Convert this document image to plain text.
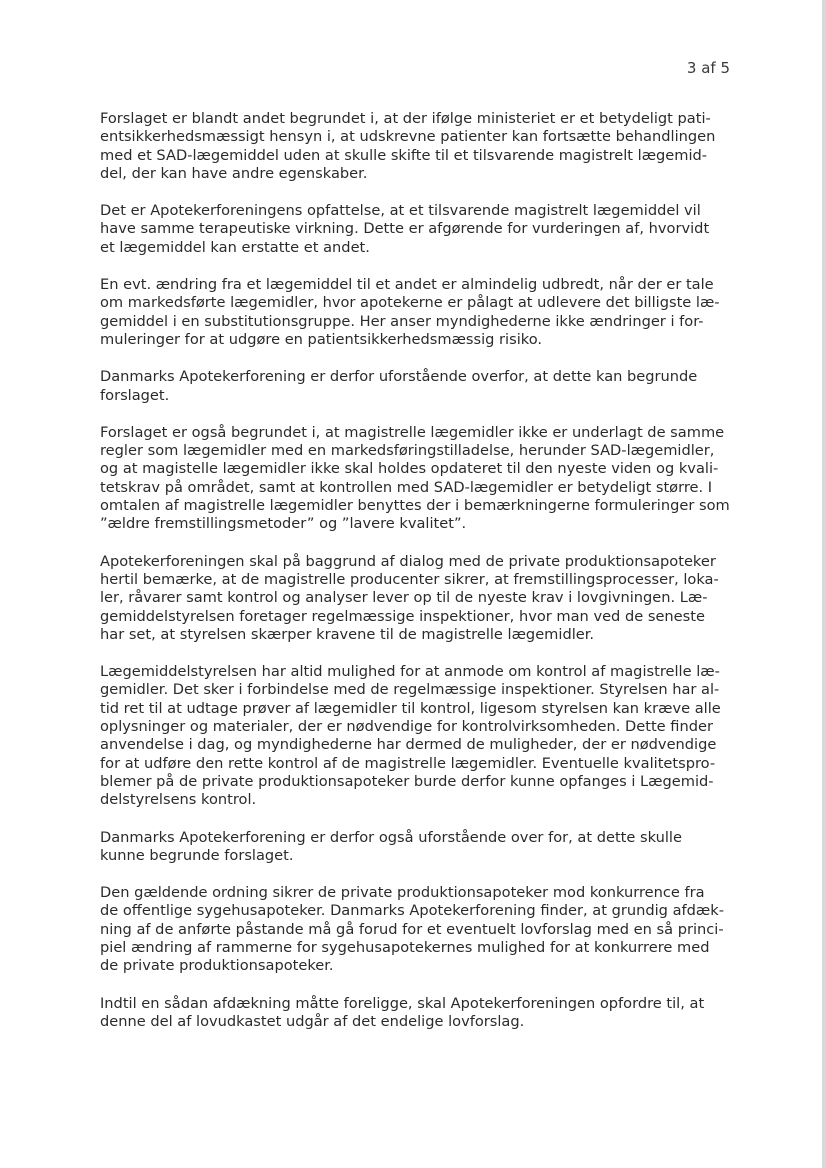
3 af 5

Forslaget er blandt andet begrundet i, at der ifølge ministeriet er et betydeligt pati-
entsikkerhedsmæssigt hensyn i, at udskrevne patienter kan fortsætte behandlingen
med et SAD-lægemiddel uden at skulle skifte til et tilsvarende magistrelt lægemid-
del, der kan have andre egenskaber.

Det er Apotekerforeningens opfattelse, at et tilsvarende magistrelt lægemiddel vil
have samme terapeutiske virkning. Dette er afgørende for vurderingen af, hvorvidt
et lægemiddel kan erstatte et andet.

En evt. ændring fra et lægemiddel til et andet er almindelig udbredt, når der er tale
om markedsførte lægemidler, hvor apotekerne er pålagt at udlevere det billigste læ-
gemiddel i en substitutionsgruppe. Her anser myndighederne ikke ændringer i for-
muleringer for at udgøre en patientsikkerhedsmæssig risiko.

Danmarks Apotekerforening er derfor uforstående overfor, at dette kan begrunde
forslaget.

Forslaget er også begrundet i, at magistrelle lægemidler ikke er underlagt de samme
regler som lægemidler med en markedsføringstilladelse, herunder SAD-lægemidler,
og at magistelle lægemidler ikke skal holdes opdateret til den nyeste viden og kvali-
tetskrav på området, samt at kontrollen med SAD-lægemidler er betydeligt større. I
omtalen af magistrelle lægemidler benyttes der i bemærkningerne formuleringer som
”ældre fremstillingsmetoder” og ”lavere kvalitet”.

Apotekerforeningen skal på baggrund af dialog med de private produktionsapoteker
hertil bemærke, at de magistrelle producenter sikrer, at fremstillingsprocesser, loka-
ler, råvarer samt kontrol og analyser lever op til de nyeste krav i lovgivningen. Læ-
gemiddelstyrelsen foretager regelmæssige inspektioner, hvor man ved de seneste
har set, at styrelsen skærper kravene til de magistrelle lægemidler.

Lægemiddelstyrelsen har altid mulighed for at anmode om kontrol af magistrelle læ-
gemidler. Det sker i forbindelse med de regelmæssige inspektioner. Styrelsen har al-
tid ret til at udtage prøver af lægemidler til kontrol, ligesom styrelsen kan kræve alle
oplysninger og materialer, der er nødvendige for kontrolvirksomheden. Dette finder
anvendelse i dag, og myndighederne har dermed de muligheder, der er nødvendige
for at udføre den rette kontrol af de magistrelle lægemidler. Eventuelle kvalitetspro-
blemer på de private produktionsapoteker burde derfor kunne opfanges i Lægemid-
delstyrelsens kontrol.

Danmarks Apotekerforening er derfor også uforstående over for, at dette skulle
kunne begrunde forslaget.

Den gældende ordning sikrer de private produktionsapoteker mod konkurrence fra
de offentlige sygehusapoteker. Danmarks Apotekerforening finder, at grundig afdæk-
ning af de anførte påstande må gå forud for et eventuelt lovforslag med en så princi-
piel ændring af rammerne for sygehusapotekernes mulighed for at konkurrere med
de private produktionsapoteker.

Indtil en sådan afdækning måtte foreligge, skal Apotekerforeningen opfordre til, at
denne del af lovudkastet udgår af det endelige lovforslag.
